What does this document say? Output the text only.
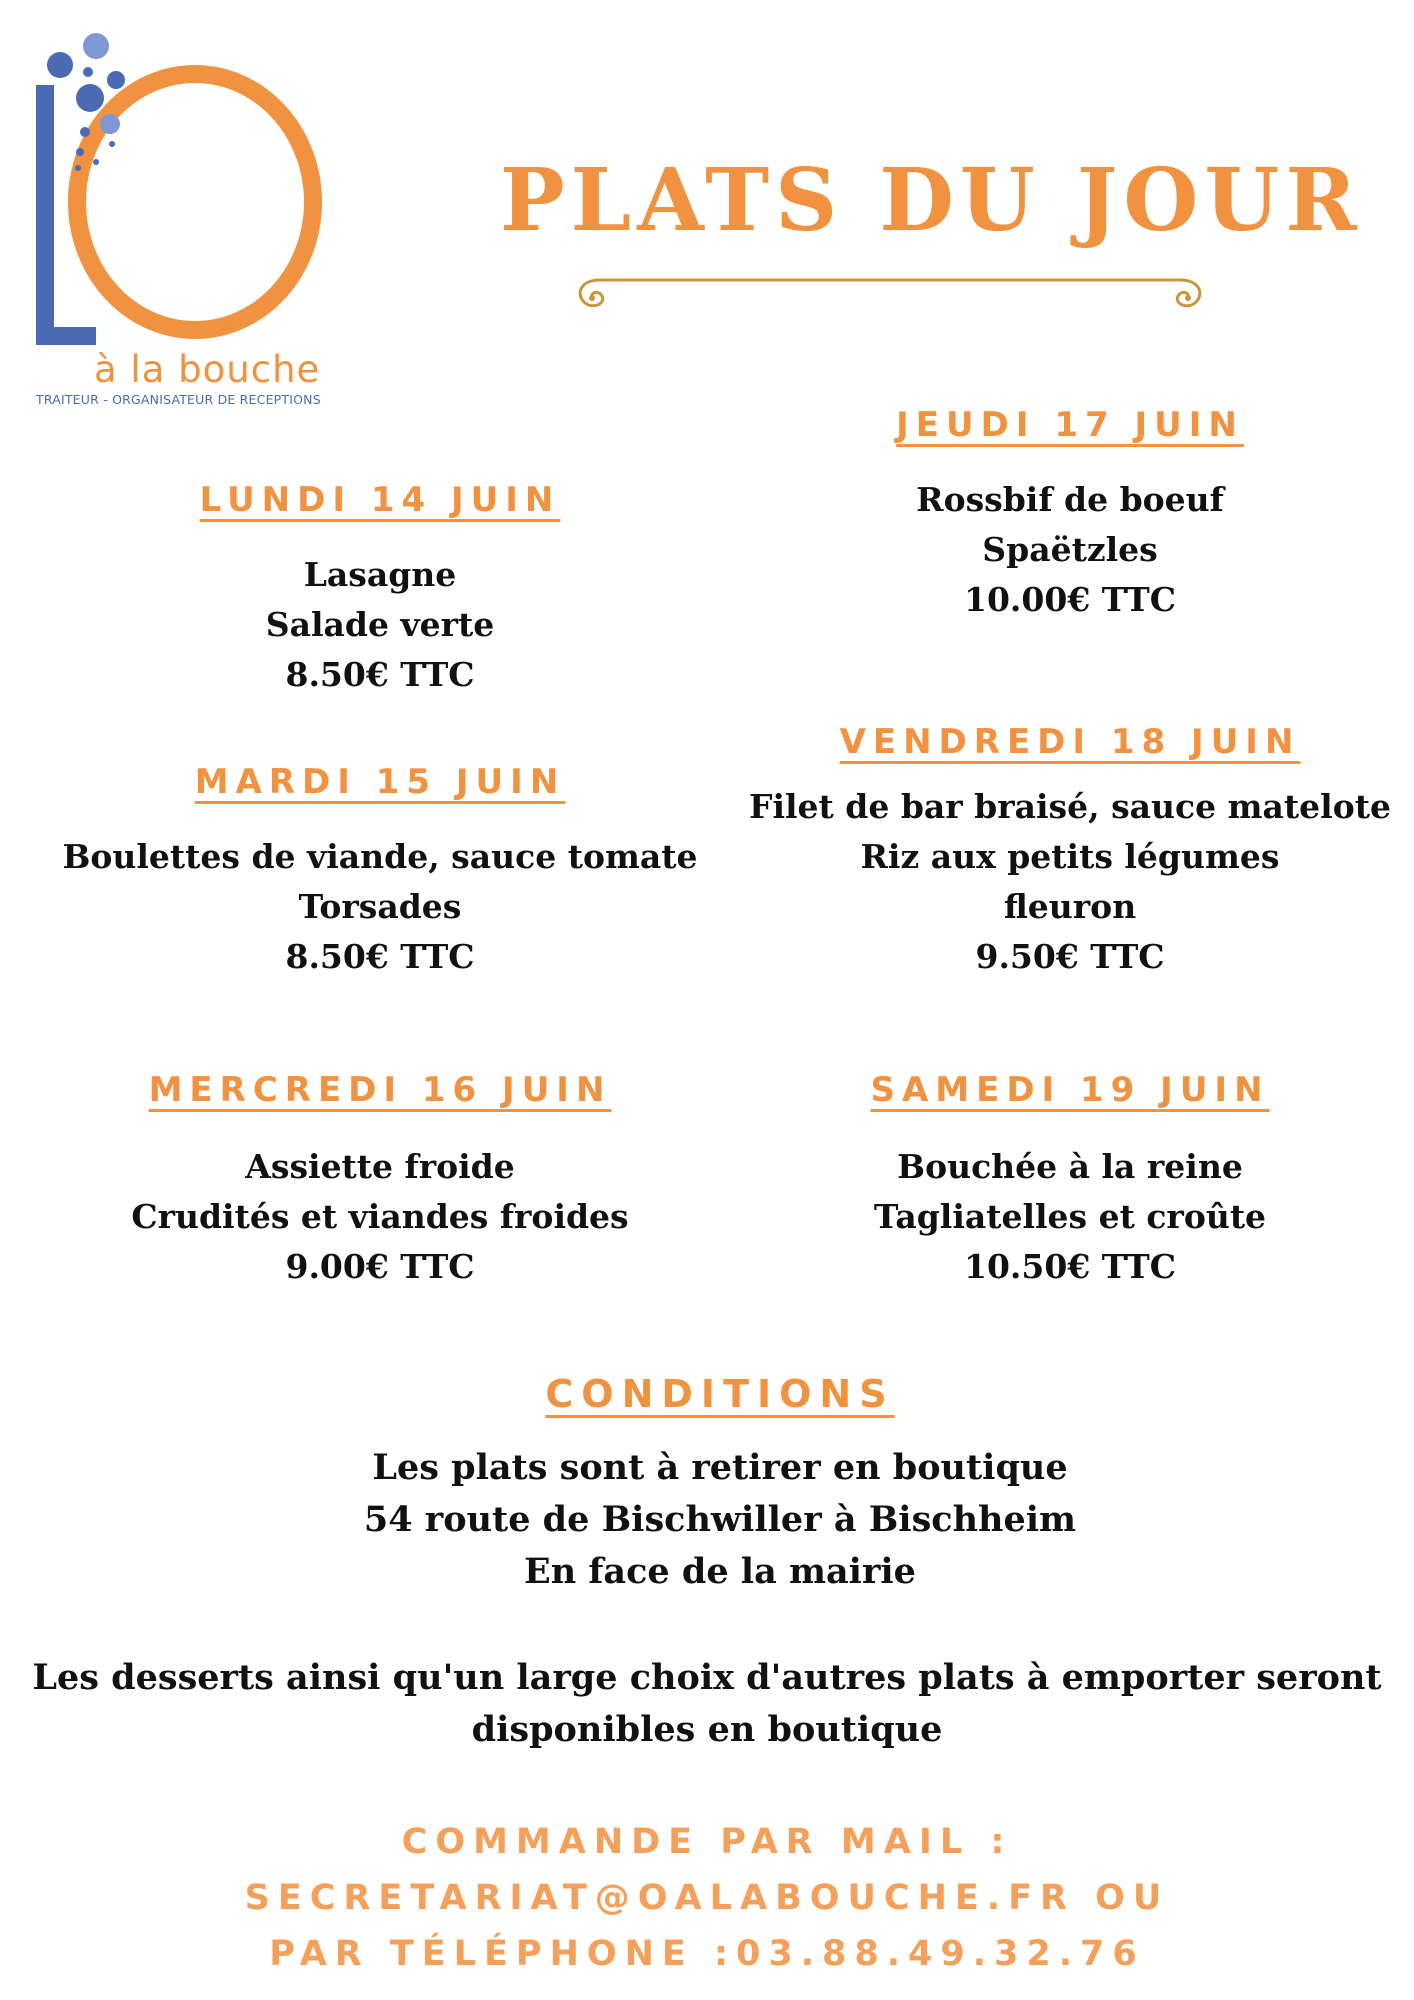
à la bouche
TRAITEUR - ORGANISATEUR DE RECEPTIONS
PLATS DU JOUR
LUNDI 14 JUIN
Lasagne
Salade verte
8.50€ TTC
MARDI 15 JUIN
Boulettes de viande, sauce tomate
Torsades
8.50€ TTC
MERCREDI 16 JUIN
Assiette froide
Crudités et viandes froides
9.00€ TTC
JEUDI 17 JUIN
Rossbif de boeuf
Spaëtzles
10.00€ TTC
VENDREDI 18 JUIN
Filet de bar braisé, sauce matelote
Riz aux petits légumes
fleuron
9.50€ TTC
SAMEDI 19 JUIN
Bouchée à la reine
Tagliatelles et croûte
10.50€ TTC
CONDITIONS
Les plats sont à retirer en boutique
54 route de Bischwiller à Bischheim
En face de la mairie
Les desserts ainsi qu'un large choix d'autres plats à emporter seront
disponibles en boutique
COMMANDE PAR MAIL :
SECRETARIAT@OALABOUCHE.FR OU
PAR TÉLÉPHONE :03.88.49.32.76
